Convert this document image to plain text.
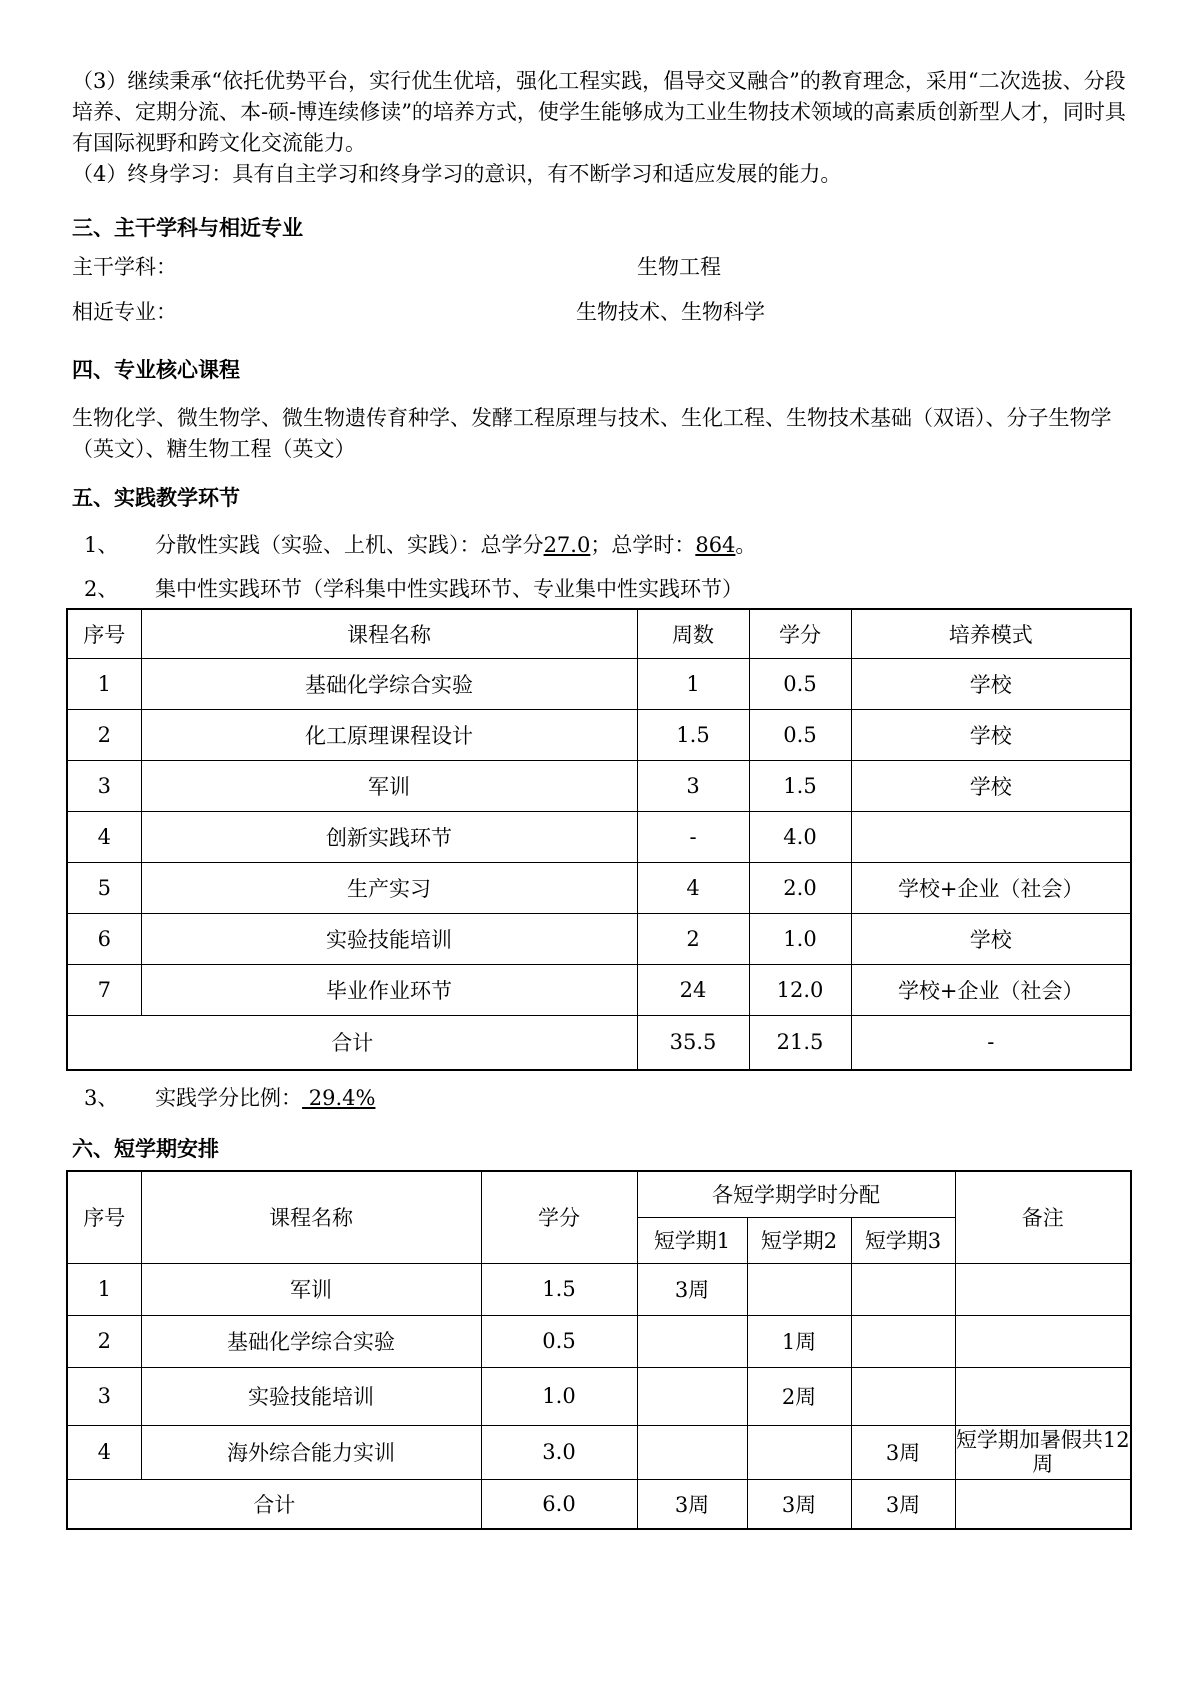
（3）继续秉承“依托优势平台，实行优生优培，强化工程实践，倡导交叉融合”的教育理念，采用“二次选拔、分段培养、定期分流、本-硕-博连续修读”的培养方式，使学生能够成为工业生物技术领域的高素质创新型人才，同时具有国际视野和跨文化交流能力。
（4）终身学习：具有自主学习和终身学习的意识，有不断学习和适应发展的能力。
三、主干学科与相近专业
主干学科：	生物工程
相近专业：	生物技术、生物科学
四、专业核心课程
生物化学、微生物学、微生物遗传育种学、发酵工程原理与技术、生化工程、生物技术基础（双语）、分子生物学（英文）、糖生物工程（英文）
五、实践教学环节
1、 分散性实践（实验、上机、实践）：总学分27.0；总学时：864。
2、 集中性实践环节（学科集中性实践环节、专业集中性实践环节）
序号	课程名称	周数	学分	培养模式
1	基础化学综合实验	1	0.5	学校
2	化工原理课程设计	1.5	0.5	学校
3	军训	3	1.5	学校
4	创新实践环节	-	4.0	
5	生产实习	4	2.0	学校+企业（社会）
6	实验技能培训	2	1.0	学校
7	毕业作业环节	24	12.0	学校+企业（社会）
合计		35.5	21.5	-
3、 实践学分比例： 29.4%
六、短学期安排
序号	课程名称	学分	各短学期学时分配			备注
			短学期1	短学期2	短学期3	
1	军训	1.5	3周			
2	基础化学综合实验	0.5		1周		
3	实验技能培训	1.0		2周		
4	海外综合能力实训	3.0			3周	短学期加暑假共12周
合计		6.0	3周	3周	3周	
